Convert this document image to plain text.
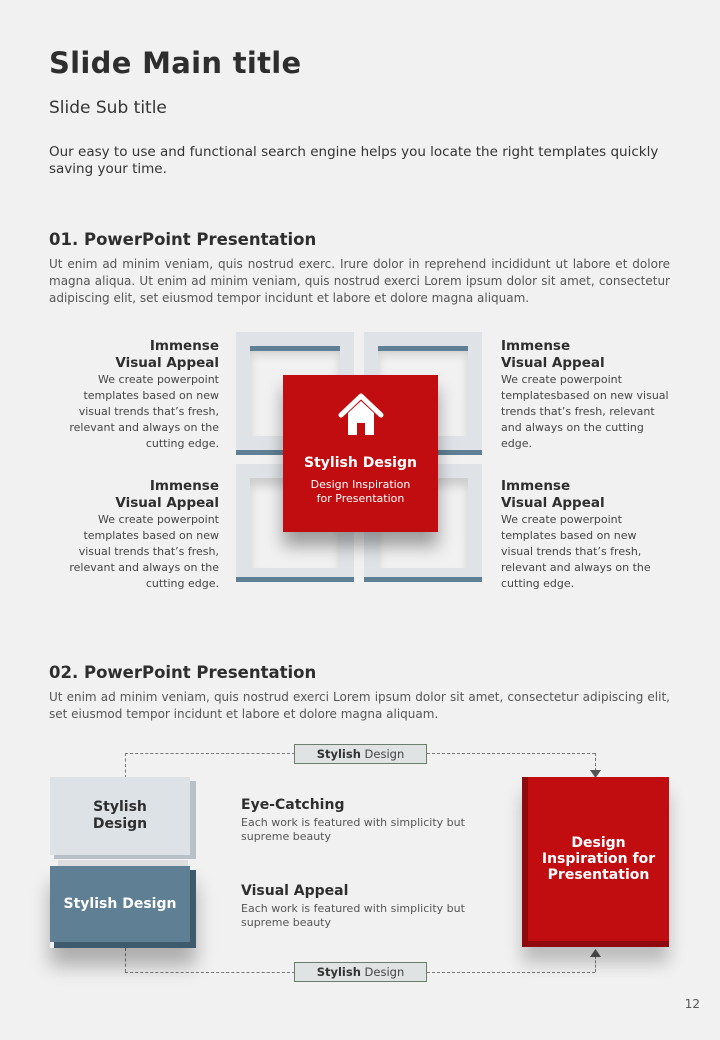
Slide Main title
Slide Sub title
Our easy to use and functional search engine helps you locate the right templates quickly saving your time.
01. PowerPoint Presentation
Ut enim ad minim veniam, quis nostrud exerc. Irure dolor in reprehend incididunt ut labore et dolore magna aliqua. Ut enim ad minim veniam, quis nostrud exerci Lorem ipsum dolor sit amet, consectetur adipiscing elit, set eiusmod tempor incidunt et labore et dolore magna aliquam.
Stylish Design
Design Inspiration
for Presentation
Immense
Visual Appeal
We create powerpoint
templates based on new
visual trends that’s fresh,
relevant and always on the
cutting edge.
Immense
Visual Appeal
We create powerpoint
templatesbased on new visual
trends that’s fresh, relevant
and always on the cutting
edge.
Immense
Visual Appeal
We create powerpoint
templates based on new
visual trends that’s fresh,
relevant and always on the
cutting edge.
Immense
Visual Appeal
We create powerpoint
templates based on new
visual trends that’s fresh,
relevant and always on the
cutting edge.
02. PowerPoint Presentation
Ut enim ad minim veniam, quis nostrud exerci Lorem ipsum dolor sit amet, consectetur adipiscing elit, set eiusmod tempor incidunt et labore et dolore magna aliquam.
Stylish Design
Stylish Design
Stylish
Design
Stylish Design
Eye-Catching
Each work is featured with simplicity but
supreme beauty
Visual Appeal
Each work is featured with simplicity but
supreme beauty
Design
Inspiration for
Presentation
12
